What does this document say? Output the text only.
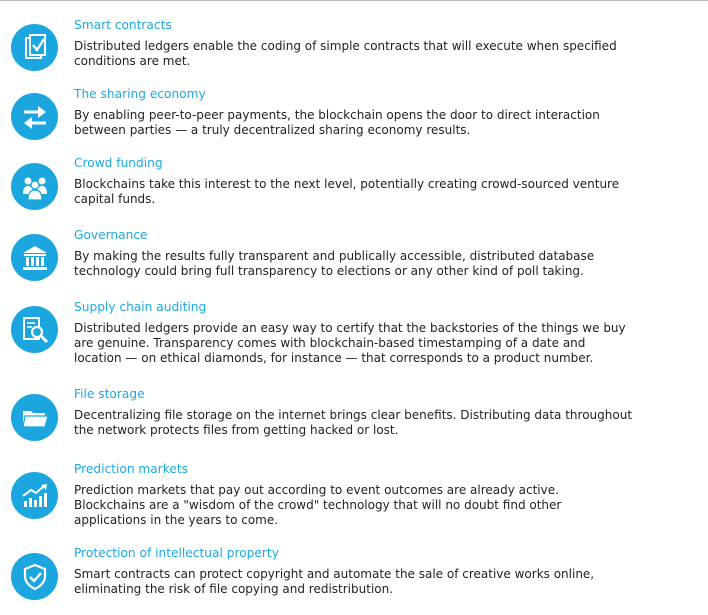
Smart contracts
Distributed ledgers enable the coding of simple contracts that will execute when specified
conditions are met.
The sharing economy
By enabling peer-to-peer payments, the blockchain opens the door to direct interaction
between parties — a truly decentralized sharing economy results.
Crowd funding
Blockchains take this interest to the next level, potentially creating crowd-sourced venture
capital funds.
Governance
By making the results fully transparent and publically accessible, distributed database
technology could bring full transparency to elections or any other kind of poll taking.
Supply chain auditing
Distributed ledgers provide an easy way to certify that the backstories of the things we buy
are genuine. Transparency comes with blockchain-based timestamping of a date and
location — on ethical diamonds, for instance — that corresponds to a product number.
File storage
Decentralizing file storage on the internet brings clear benefits. Distributing data throughout
the network protects files from getting hacked or lost.
Prediction markets
Prediction markets that pay out according to event outcomes are already active.
Blockchains are a "wisdom of the crowd" technology that will no doubt find other
applications in the years to come.
Protection of intellectual property
Smart contracts can protect copyright and automate the sale of creative works online,
eliminating the risk of file copying and redistribution.
